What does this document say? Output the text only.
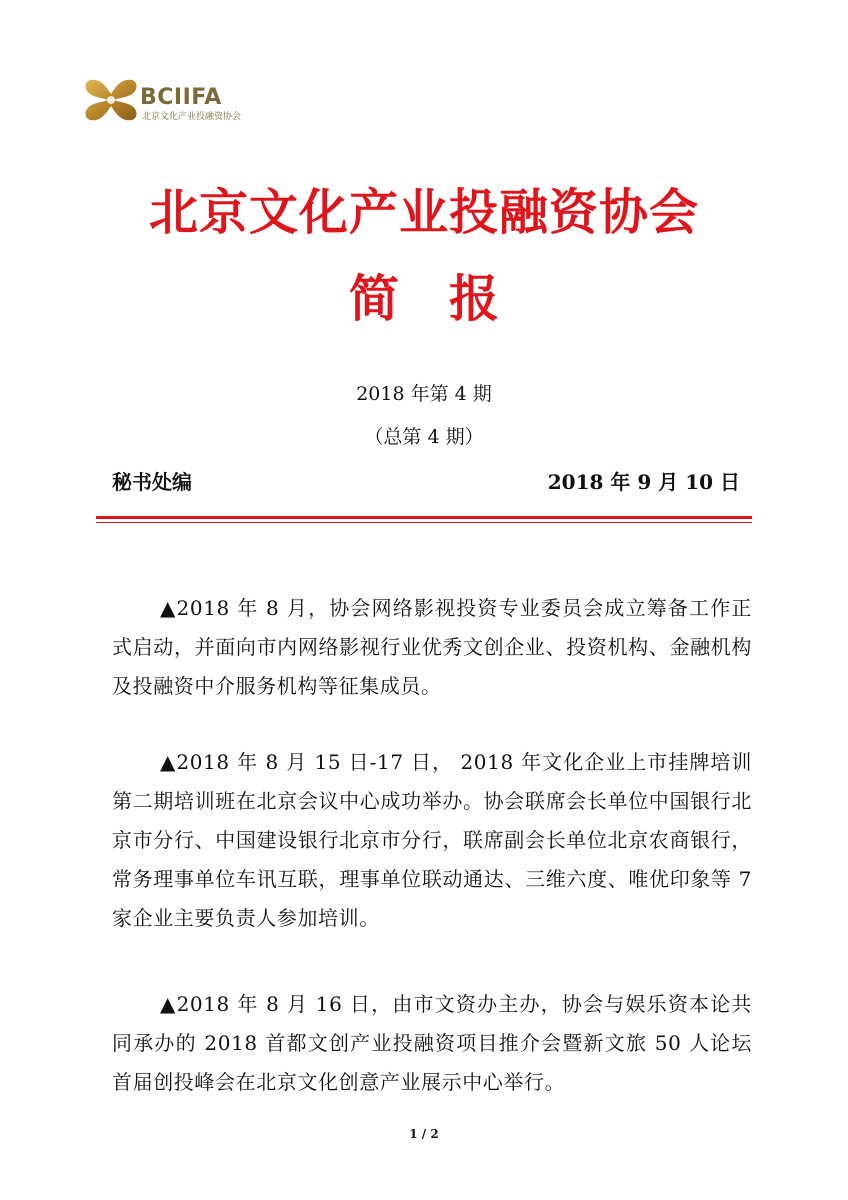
BCIIFA
北京文化产业投融资协会
北京文化产业投融资协会
简　报
2018 年第 4 期
（总第 4 期）
秘书处编	2018 年 9 月 10 日
▲2018 年 8 月，协会网络影视投资专业委员会成立筹备工作正式启动，并面向市内网络影视行业优秀文创企业、投资机构、金融机构及投融资中介服务机构等征集成员。
▲2018 年 8 月 15 日-17 日， 2018 年文化企业上市挂牌培训第二期培训班在北京会议中心成功举办。协会联席会长单位中国银行北京市分行、中国建设银行北京市分行，联席副会长单位北京农商银行，常务理事单位车讯互联，理事单位联动通达、三维六度、唯优印象等 7 家企业主要负责人参加培训。
▲2018 年 8 月 16 日，由市文资办主办，协会与娱乐资本论共同承办的 2018 首都文创产业投融资项目推介会暨新文旅 50 人论坛首届创投峰会在北京文化创意产业展示中心举行。
1 / 2
